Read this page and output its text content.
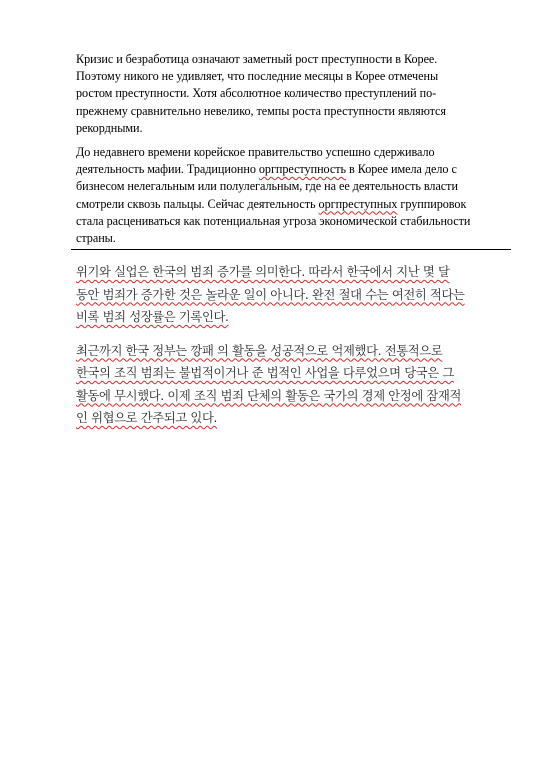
Кризис и безработица означают заметный рост преступности в Корее.
Поэтому никого не удивляет, что последние месяцы в Корее отмечены
ростом преступности. Хотя абсолютное количество преступлений по-
прежнему сравнительно невелико, темпы роста преступности являются
рекордными.

До недавнего времени корейское правительство успешно сдерживало
деятельность мафии. Традиционно оргпреступность в Корее имела дело с
бизнесом нелегальным или полулегальным, где на ее деятельность власти
смотрели сквозь пальцы. Сейчас деятельность оргпреступных группировок
стала расцениваться как потенциальная угроза экономической стабильности
страны.

위기와 실업은 한국의 범죄 증가를 의미한다. 따라서 한국에서 지난 몇 달
동안 범죄가 증가한 것은 놀라운 일이 아니다. 완전 절대 수는 여전히 적다는
비록 범죄 성장률은 기록인다.

최근까지 한국 정부는 깡패 의 활동을 성공적으로 억제했다. 전통적으로
한국의 조직 범죄는 불법적이거나 준 법적인 사업을 다루었으며 당국은 그
활동에 무시했다. 이제 조직 범죄 단체의 활동은 국가의 경제 안정에 잠재적
인 위협으로 간주되고 있다.
